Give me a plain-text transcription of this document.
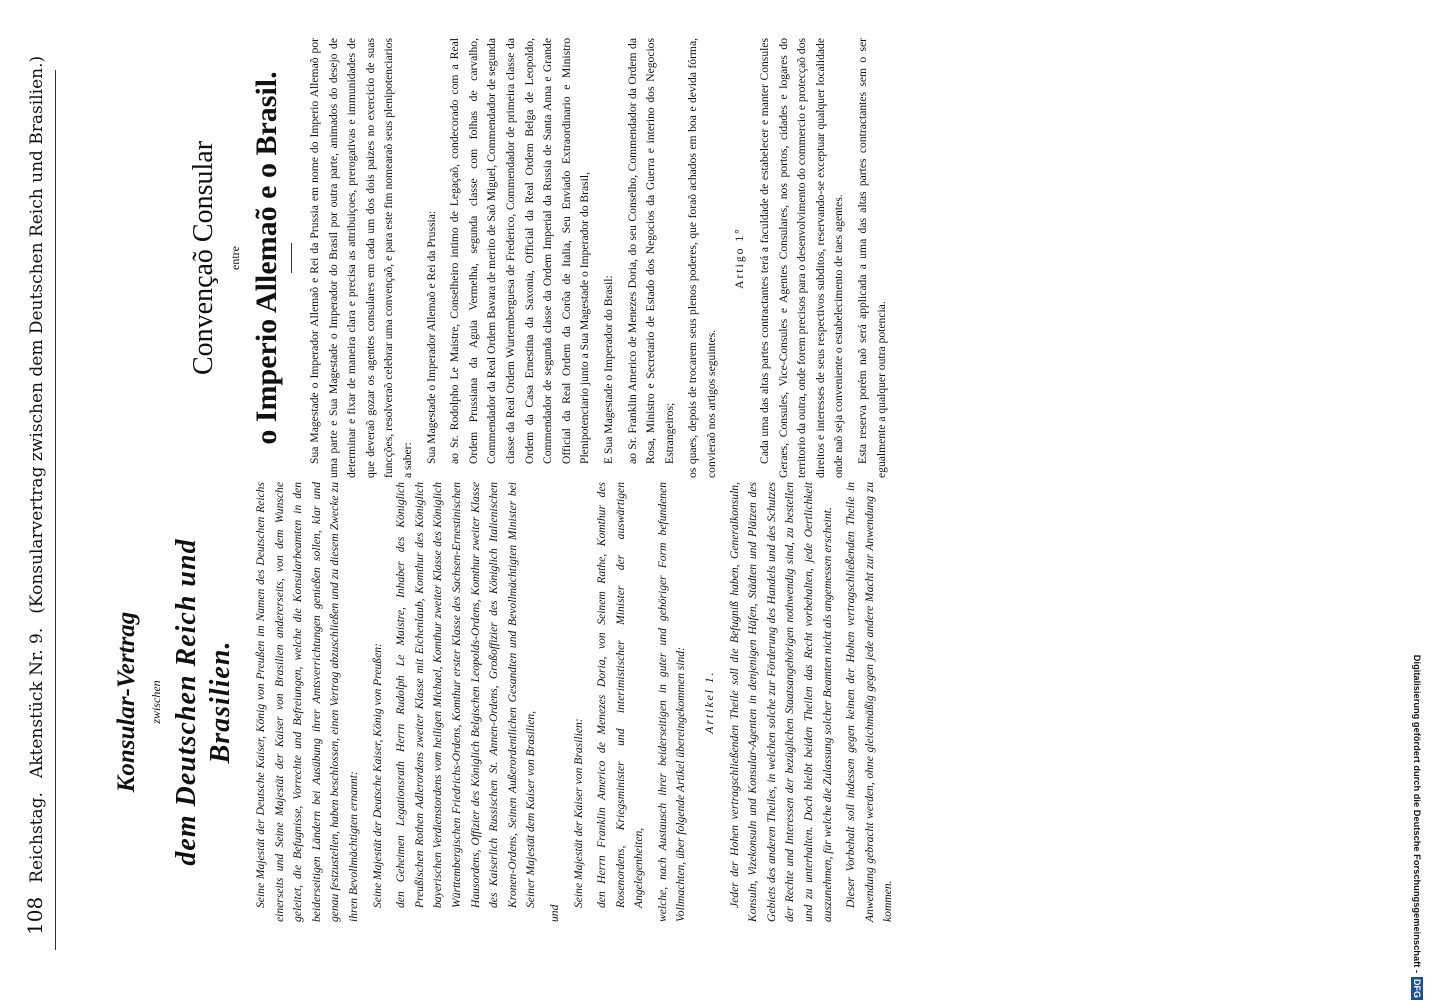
108
Reichstag.
Aktenstück Nr. 9.
(Konsularvertrag zwischen dem Deutschen Reich und Brasilien.)
Konsular-Vertrag zwischen dem Deutschen Reich und Brasilien. Seine Majestät der Deutsche Kaiser, König von Preußen im Namen des Deutschen Reichs einerseits und Seine Majestät der Kaiser von Brasilien andererseits, von dem Wunsche geleitet, die Befugnisse, Vorrechte und Befreiungen, welche die Konsularbeamten in den beiderseitigen Ländern bei Ausübung ihrer Amtsverrichtungen genießen sollen, klar und genau festzustellen, haben beschlossen, einen Vertrag abzuschließen und zu diesem Zwecke zu ihren Bevollmächtigten ernannt: Seine Majestät der Deutsche Kaiser, König von Preußen: den Geheimen Legationsrath Herrn Rudolph Le Maistre, Inhaber des Königlich Preußischen Rothen Adlerordens zweiter Klasse mit Eichenlaub, Komthur des Königlich bayerischen Verdienstordens vom heiligen Michael, Komthur zweiter Klasse des Königlich Württembergischen Friedrichs-Ordens, Komthur erster Klasse des Sachsen-Ernestinischen Hausordens, Offizier des Königlich Belgischen Leopolds-Ordens, Komthur zweiter Klasse des Kaiserlich Russischen St. Annen-Ordens, Großoffizier des Königlich Italienischen Kronen-Ordens, Seinen Außerordentlichen Gesandten und Bevollmächtigten Minister bei Seiner Majestät dem Kaiser von Brasilien,

und

Seine Majestät der Kaiser von Brasilien: den Herrn Franklin Americo de Menezes Doria, von Seinem Rathe, Komthur des Rosenordens, Kriegsminister und interimistischer Minister der auswärtigen Angelegenheiten, welche, nach Austausch ihrer beiderseitigen in guter und gehöriger Form befundenen Vollmachten, über folgende Artikel übereingekommen sind:	Artikel 1. Jeder der Hohen vertragschließenden Theile soll die Befugniß haben, Generalkonsuln, Konsuln, Vizekonsuln und Konsular-Agenten in denjenigen Häfen, Städten und Plätzen des Gebiets des anderen Theiles, in welchen solche zur Förderung des Handels und des Schutzes der Rechte und Interessen der bezüglichen Staatsangehörigen nothwendig sind, zu bestellen und zu unterhalten. Doch bleibt beiden Theilen das Recht vorbehalten, jede Oertlichkeit auszunehmen, für welche die Zulassung solcher Beamten nicht als angemessen erscheint. Dieser Vorbehalt soll indessen gegen keinen der Hohen vertragschließenden Theile in Anwendung gebracht werden, ohne gleichmäßig gegen jede andere Macht zur Anwendung zu kommen.

Convençaõ Consular entre o Imperio Allemaõ e o Brasil. Sua Magestade o Imperador Allemaõ e Rei da Prussia em nome do Imperio Allemaõ por uma parte e Sua Magestade o Imperador do Brasil por outra parte, animados do desejo de determinar e fixar de maneira clara e precisa as attribuiçoes, prerogativas e immunidades de que deveraõ gozar os agentes consulares em cada um dos dois paizes no exercicio de suas funcções, resolveraõ celebrar uma convençaõ, e para este fim nomearaõ seus plenipotenciarios a saber: Sua Magestade o Imperador Allemaõ e Rei da Prussia: ao Sr. Rodolpho Le Maistre, Conselheiro intimo de Legaçaõ, condecorado com a Real Ordem Prussiana da Aguia Vermelha, segunda classe com folhas de carvalho, Commendador da Real Ordem Bavara de merito de Saõ Miguel, Commendador de segunda classe da Real Ordem Wurtemberguesa de Frederico, Commendador de primeira classe da Ordem da Casa Ernestina da Saxonia, Official da Real Ordem Belga de Leopoldo, Commendador de segunda classe da Ordem Imperial da Russia de Santa Anna e Grande Official da Real Ordem da Corôa de Italia, Seu Enviado Extraordinario e Ministro Plenipotenciario junto a Sua Magestade o Imperador do Brasil, E Sua Magestade o Imperador do Brasil: ao Sr. Franklin Americo de Menezes Doria, do seu Conselho, Commendador da Ordem da Rosa, Ministro e Secretario de Estado dos Negocios da Guerra e interino dos Negocios Estrangeiros; os quaes, depois de trocarem seus plenos poderes, que foraõ achados em boa e devida fórma, convieraõ nos artigos seguintes.

Artigo 1° Cada uma das altas partes contractantes terá a faculdade de estabelecer e manter Consules Geraes, Consules, Vice-Consules e Agentes Consulares, nos portos, cidades e logares do territorio da outra, onde forem precisos para o desenvolvimento do commercio e protecçaõ dos direitos e interesses de seus respectivos subditos, reservando-se exceptuar qualquer localidade onde naõ seja conveniente o estabelecimento de taes agentes. Esta reserva porém naõ será applicada a uma das altas partes contractantes sem o ser egualmente a qualquer outra potencia.

Digitalisierung gefördert durch die Deutsche Forschungsgemeinschaft -
DFG
